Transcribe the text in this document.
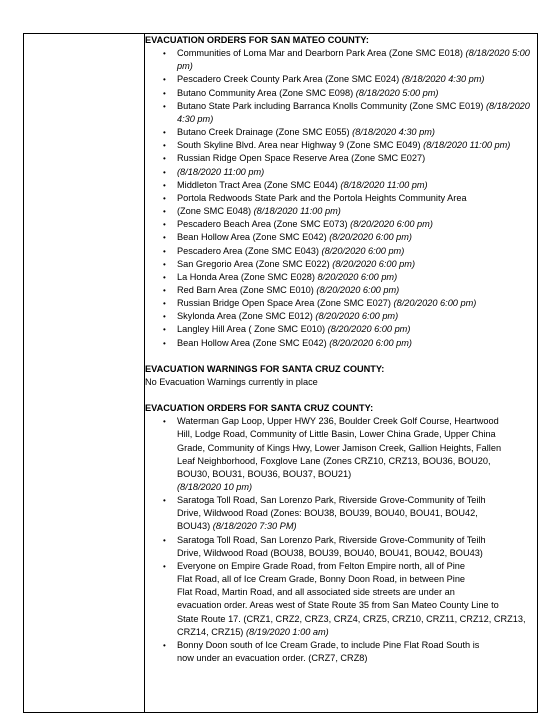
EVACUATION ORDERS FOR SAN MATEO COUNTY:

• Communities of Loma Mar and Dearborn Park Area (Zone SMC E018) (8/18/2020 5:00 pm)
• Pescadero Creek County Park Area (Zone SMC E024) (8/18/2020 4:30 pm)
• Butano Community Area (Zone SMC E098) (8/18/2020 5:00 pm)
• Butano State Park including Barranca Knolls Community (Zone SMC E019) (8/18/2020 4:30 pm)
• Butano Creek Drainage (Zone SMC E055) (8/18/2020 4:30 pm)
• South Skyline Blvd. Area near Highway 9 (Zone SMC E049) (8/18/2020 11:00 pm)
• Russian Ridge Open Space Reserve Area (Zone SMC E027)
• (8/18/2020 11:00 pm)
• Middleton Tract Area (Zone SMC E044) (8/18/2020 11:00 pm)
• Portola Redwoods State Park and the Portola Heights Community Area
• (Zone SMC E048) (8/18/2020 11:00 pm)
• Pescadero Beach Area (Zone SMC E073) (8/20/2020 6:00 pm)
• Bean Hollow Area (Zone SMC E042) (8/20/2020 6:00 pm)
• Pescadero Area (Zone SMC E043) (8/20/2020 6:00 pm)
• San Gregorio Area (Zone SMC E022) (8/20/2020 6:00 pm)
• La Honda Area (Zone SMC E028) 8/20/2020 6:00 pm)
• Red Barn Area (Zone SMC E010) (8/20/2020 6:00 pm)
• Russian Bridge Open Space Area (Zone SMC E027) (8/20/2020 6:00 pm)
• Skylonda Area (Zone SMC E012) (8/20/2020 6:00 pm)
• Langley Hill Area ( Zone SMC E010) (8/20/2020 6:00 pm)
• Bean Hollow Area (Zone SMC E042) (8/20/2020 6:00 pm)

EVACUATION WARNINGS FOR SANTA CRUZ COUNTY:

No Evacuation Warnings currently in place

EVACUATION ORDERS FOR SANTA CRUZ COUNTY:

• Waterman Gap Loop, Upper HWY 236, Boulder Creek Golf Course, Heartwood
Hill, Lodge Road, Community of Little Basin, Lower China Grade, Upper China
Grade, Community of Kings Hwy, Lower Jamison Creek, Gallion Heights, Fallen
Leaf Neighborhood, Foxglove Lane (Zones CRZ10, CRZ13, BOU36, BOU20,
BOU30, BOU31, BOU36, BOU37, BOU21)
(8/18/2020 10 pm)
• Saratoga Toll Road, San Lorenzo Park, Riverside Grove-Community of Teilh
Drive, Wildwood Road (Zones: BOU38, BOU39, BOU40, BOU41, BOU42,
BOU43) (8/18/2020 7:30 PM)
• Saratoga Toll Road, San Lorenzo Park, Riverside Grove-Community of Teilh
Drive, Wildwood Road (BOU38, BOU39, BOU40, BOU41, BOU42, BOU43)
• Everyone on Empire Grade Road, from Felton Empire north, all of Pine
Flat Road, all of Ice Cream Grade, Bonny Doon Road, in between Pine
Flat Road, Martin Road, and all associated side streets are under an
evacuation order. Areas west of State Route 35 from San Mateo County Line to
State Route 17. (CRZ1, CRZ2, CRZ3, CRZ4, CRZ5, CRZ10, CRZ11, CRZ12, CRZ13,
CRZ14, CRZ15) (8/19/2020 1:00 am)
• Bonny Doon south of Ice Cream Grade, to include Pine Flat Road South is
now under an evacuation order. (CRZ7, CRZ8)
